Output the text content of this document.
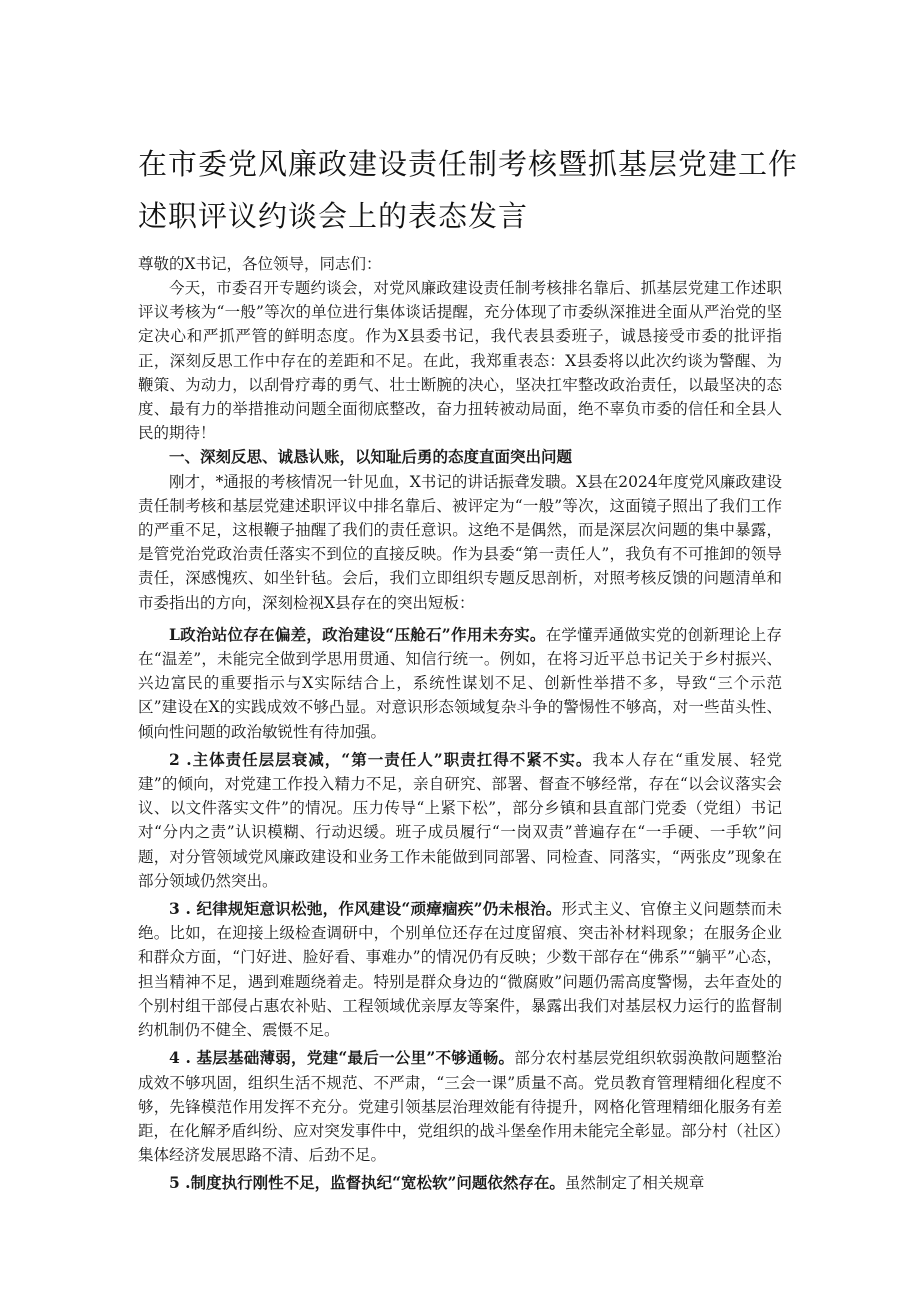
在市委党风廉政建设责任制考核暨抓基层党建工作
述职评议约谈会上的表态发言

尊敬的X书记，各位领导，同志们：

今天，市委召开专题约谈会，对党风廉政建设责任制考核排名靠后、抓基层党建工作述职评议考核为“一般”等次的单位进行集体谈话提醒，充分体现了市委纵深推进全面从严治党的坚定决心和严抓严管的鲜明态度。作为X县委书记，我代表县委班子，诚恳接受市委的批评指正，深刻反思工作中存在的差距和不足。在此，我郑重表态：X县委将以此次约谈为警醒、为鞭策、为动力，以刮骨疗毒的勇气、壮士断腕的决心，坚决扛牢整改政治责任，以最坚决的态度、最有力的举措推动问题全面彻底整改，奋力扭转被动局面，绝不辜负市委的信任和全县人民的期待！

一、深刻反思、诚恳认账，以知耻后勇的态度直面突出问题

刚才，*通报的考核情况一针见血，X书记的讲话振聋发聩。X县在2024年度党风廉政建设责任制考核和基层党建述职评议中排名靠后、被评定为“一般”等次，这面镜子照出了我们工作的严重不足，这根鞭子抽醒了我们的责任意识。这绝不是偶然，而是深层次问题的集中暴露，是管党治党政治责任落实不到位的直接反映。作为县委“第一责任人”，我负有不可推卸的领导责任，深感愧疚、如坐针毡。会后，我们立即组织专题反思剖析，对照考核反馈的问题清单和市委指出的方向，深刻检视X县存在的突出短板：

L政治站位存在偏差，政治建设“压舱石”作用未夯实。在学懂弄通做实党的创新理论上存在“温差”，未能完全做到学思用贯通、知信行统一。例如，在将习近平总书记关于乡村振兴、兴边富民的重要指示与X实际结合上，系统性谋划不足、创新性举措不多，导致“三个示范区”建设在X的实践成效不够凸显。对意识形态领域复杂斗争的警惕性不够高，对一些苗头性、倾向性问题的政治敏锐性有待加强。

2 .主体责任层层衰减，“第一责任人”职责扛得不紧不实。我本人存在“重发展、轻党建”的倾向，对党建工作投入精力不足，亲自研究、部署、督查不够经常，存在“以会议落实会议、以文件落实文件”的情况。压力传导“上紧下松”，部分乡镇和县直部门党委（党组）书记对“分内之责”认识模糊、行动迟缓。班子成员履行“一岗双责”普遍存在“一手硬、一手软”问题，对分管领域党风廉政建设和业务工作未能做到同部署、同检查、同落实，“两张皮”现象在部分领域仍然突出。

3 . 纪律规矩意识松弛，作风建设“顽瘴痼疾”仍未根治。形式主义、官僚主义问题禁而未绝。比如，在迎接上级检查调研中，个别单位还存在过度留痕、突击补材料现象；在服务企业和群众方面，“门好进、脸好看、事难办”的情况仍有反映；少数干部存在“佛系”“躺平”心态，担当精神不足，遇到难题绕着走。特别是群众身边的“微腐败”问题仍需高度警惕，去年查处的个别村组干部侵占惠农补贴、工程领域优亲厚友等案件，暴露出我们对基层权力运行的监督制约机制仍不健全、震慑不足。

4 . 基层基础薄弱，党建“最后一公里”不够通畅。部分农村基层党组织软弱涣散问题整治成效不够巩固，组织生活不规范、不严肃，“三会一课”质量不高。党员教育管理精细化程度不够，先锋模范作用发挥不充分。党建引领基层治理效能有待提升，网格化管理精细化服务有差距，在化解矛盾纠纷、应对突发事件中，党组织的战斗堡垒作用未能完全彰显。部分村（社区）集体经济发展思路不清、后劲不足。

5 .制度执行刚性不足，监督执纪“宽松软”问题依然存在。虽然制定了相关规章
